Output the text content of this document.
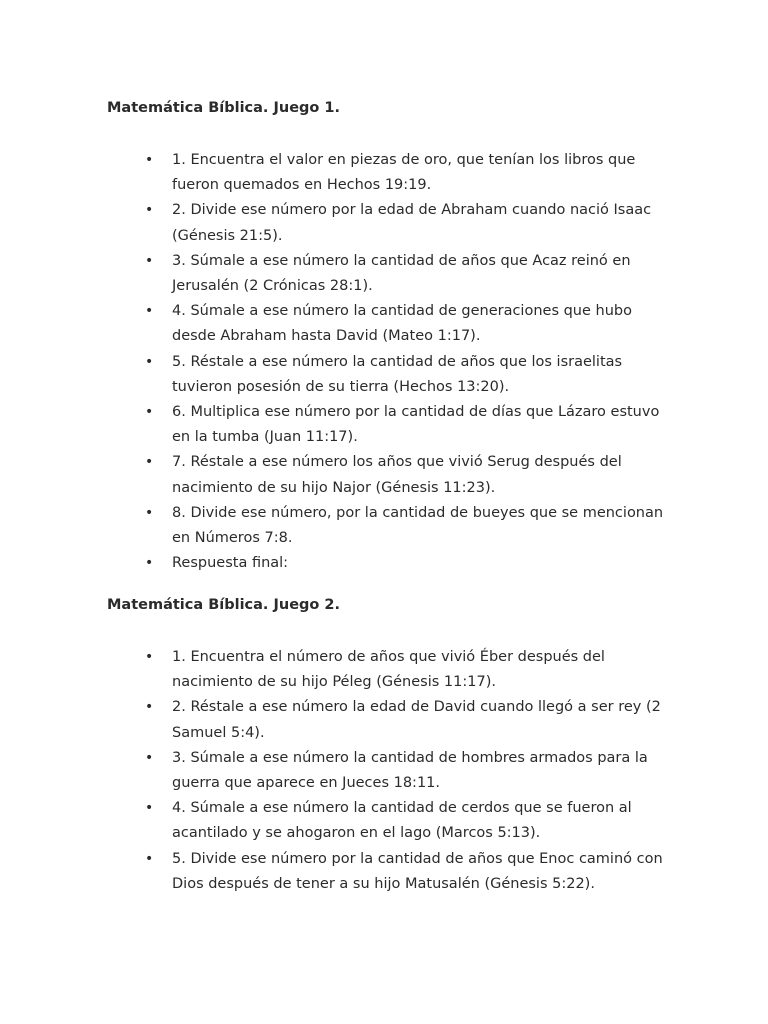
Matemática Bíblica. Juego 1.
• 1. Encuentra el valor en piezas de oro, que tenían los libros que fueron quemados en Hechos 19:19.
• 2. Divide ese número por la edad de Abraham cuando nació Isaac (Génesis 21:5).
• 3. Súmale a ese número la cantidad de años que Acaz reinó en Jerusalén (2 Crónicas 28:1).
• 4. Súmale a ese número la cantidad de generaciones que hubo desde Abraham hasta David (Mateo 1:17).
• 5. Réstale a ese número la cantidad de años que los israelitas tuvieron posesión de su tierra (Hechos 13:20).
• 6. Multiplica ese número por la cantidad de días que Lázaro estuvo en la tumba (Juan 11:17).
• 7. Réstale a ese número los años que vivió Serug después del nacimiento de su hijo Najor (Génesis 11:23).
• 8. Divide ese número, por la cantidad de bueyes que se mencionan en Números 7:8.
• Respuesta final:
Matemática Bíblica. Juego 2.
• 1. Encuentra el número de años que vivió Éber después del nacimiento de su hijo Péleg (Génesis 11:17).
• 2. Réstale a ese número la edad de David cuando llegó a ser rey (2 Samuel 5:4).
• 3. Súmale a ese número la cantidad de hombres armados para la guerra que aparece en Jueces 18:11.
• 4. Súmale a ese número la cantidad de cerdos que se fueron al acantilado y se ahogaron en el lago (Marcos 5:13).
• 5. Divide ese número por la cantidad de años que Enoc caminó con Dios después de tener a su hijo Matusalén (Génesis 5:22).
